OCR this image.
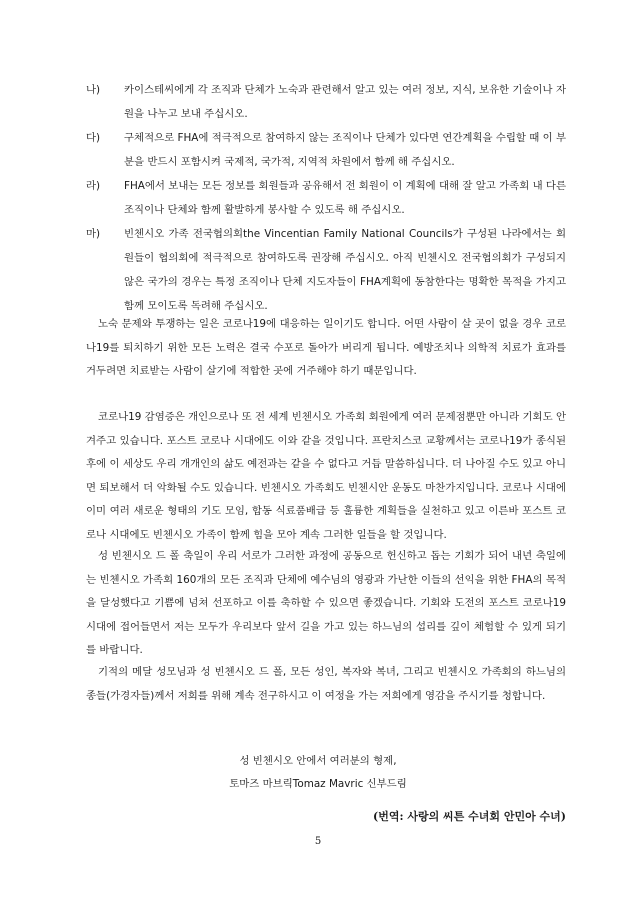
나)	카이스테씨에게 각 조직과 단체가 노숙과 관련해서 알고 있는 여러 정보, 지식, 보유한 기술이나 자원을 나누고 보내 주십시오.
다)	구체적으로 FHA에 적극적으로 참여하지 않는 조직이나 단체가 있다면 연간계획을 수립할 때 이 부분을 반드시 포함시켜 국제적, 국가적, 지역적 차원에서 함께 해 주십시오.
라)	FHA에서 보내는 모든 정보를 회원들과 공유해서 전 회원이 이 계획에 대해 잘 알고 가족회 내 다른 조직이나 단체와 함께 활발하게 봉사할 수 있도록 해 주십시오.
마)	빈첸시오 가족 전국협의회the Vincentian Family National Councils가 구성된 나라에서는 회원들이 협의회에 적극적으로 참여하도록 권장해 주십시오. 아직 빈첸시오 전국협의회가 구성되지 않은 국가의 경우는 특정 조직이나 단체 지도자들이 FHA계획에 동참한다는 명확한 목적을 가지고 함께 모이도록 독려해 주십시오.

노숙 문제와 투쟁하는 일은 코로나19에 대응하는 일이기도 합니다. 어떤 사람이 살 곳이 없을 경우 코로나19를 퇴치하기 위한 모든 노력은 결국 수포로 돌아가 버리게 됩니다. 예방조치나 의학적 치료가 효과를 거두려면 치료받는 사람이 살기에 적합한 곳에 거주해야 하기 때문입니다.

코로나19 감염증은 개인으로나 또 전 세계 빈첸시오 가족회 회원에게 여러 문제점뿐만 아니라 기회도 안겨주고 있습니다. 포스트 코로나 시대에도 이와 같을 것입니다. 프란치스코 교황께서는 코로나19가 종식된 후에 이 세상도 우리 개개인의 삶도 예전과는 같을 수 없다고 거듭 말씀하십니다. 더 나아질 수도 있고 아니면 퇴보해서 더 악화될 수도 있습니다. 빈첸시오 가족회도 빈첸시안 운동도 마찬가지입니다. 코로나 시대에 이미 여러 새로운 형태의 기도 모임, 합동 식료품배급 등 훌륭한 계획들을 실천하고 있고 이른바 포스트 코로나 시대에도 빈첸시오 가족이 함께 힘을 모아 계속 그러한 일들을 할 것입니다.

성 빈첸시오 드 폴 축일이 우리 서로가 그러한 과정에 공동으로 헌신하고 돕는 기회가 되어 내년 축일에는 빈첸시오 가족회 160개의 모든 조직과 단체에 예수님의 영광과 가난한 이들의 선익을 위한 FHA의 목적을 달성했다고 기쁨에 넘쳐 선포하고 이를 축하할 수 있으면 좋겠습니다. 기회와 도전의 포스트 코로나19 시대에 접어들면서 저는 모두가 우리보다 앞서 길을 가고 있는 하느님의 섭리를 깊이 체험할 수 있게 되기를 바랍니다.

기적의 메달 성모님과 성 빈첸시오 드 폴, 모든 성인, 복자와 복녀, 그리고 빈첸시오 가족회의 하느님의 종들(가경자들)께서 저희를 위해 계속 전구하시고 이 여정을 가는 저희에게 영감을 주시기를 청합니다.

성 빈첸시오 안에서 여러분의 형제,
토마즈 마브릭Tomaz Mavric 신부드림
(번역: 사랑의 씨튼 수녀회 안민아 수녀)
5
